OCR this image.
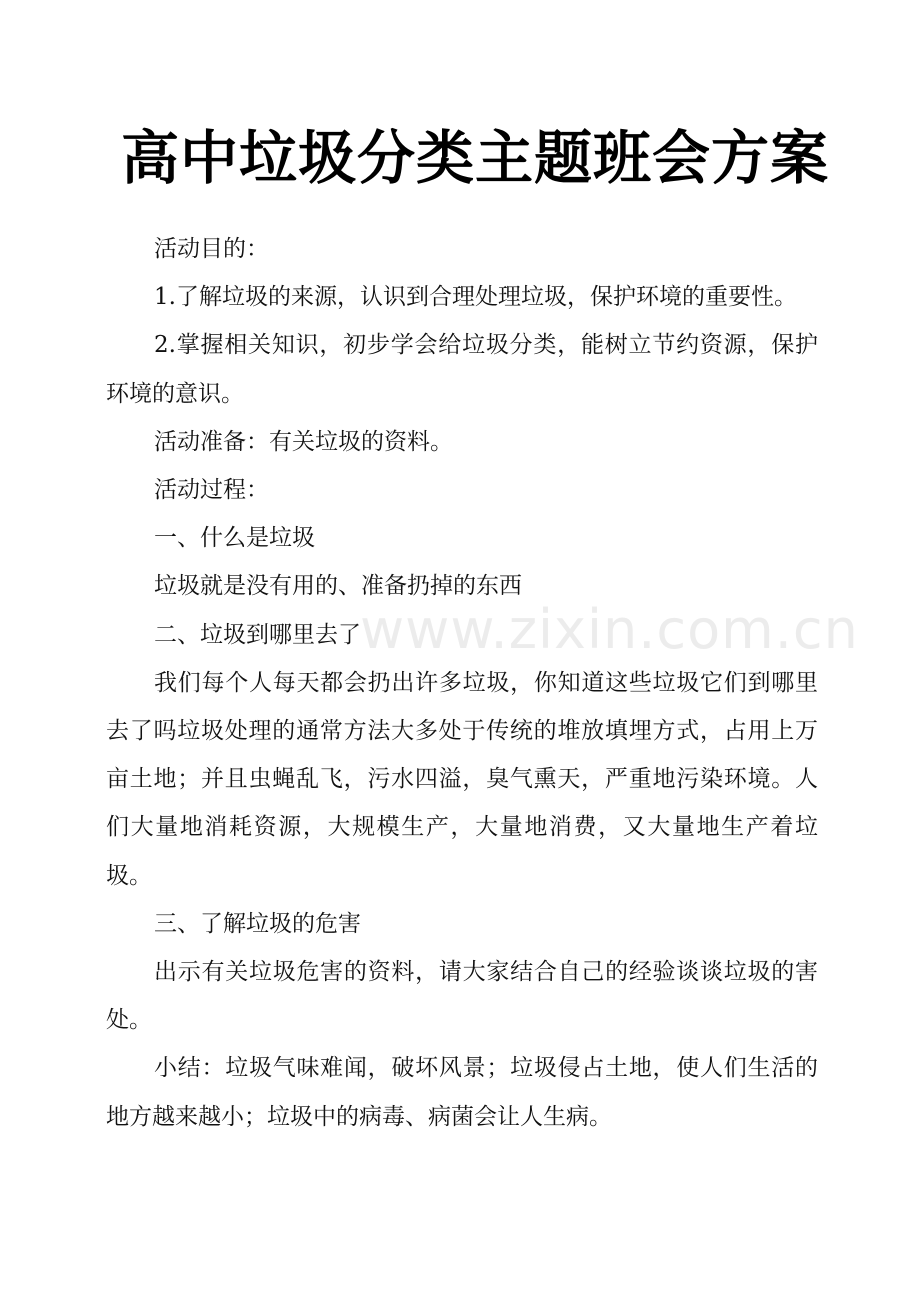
www.zixin.com.cn
高中垃圾分类主题班会方案

活动目的：

1.了解垃圾的来源，认识到合理处理垃圾，保护环境的重要性。

2.掌握相关知识，初步学会给垃圾分类，能树立节约资源，保护环境的意识。

活动准备：有关垃圾的资料。

活动过程：

一、什么是垃圾

垃圾就是没有用的、准备扔掉的东西

二、垃圾到哪里去了

我们每个人每天都会扔出许多垃圾，你知道这些垃圾它们到哪里去了吗垃圾处理的通常方法大多处于传统的堆放填埋方式，占用上万亩土地；并且虫蝇乱飞，污水四溢，臭气熏天，严重地污染环境。人们大量地消耗资源，大规模生产，大量地消费，又大量地生产着垃圾。

三、了解垃圾的危害

出示有关垃圾危害的资料，请大家结合自己的经验谈谈垃圾的害处。

小结：垃圾气味难闻，破坏风景；垃圾侵占土地，使人们生活的地方越来越小；垃圾中的病毒、病菌会让人生病。
